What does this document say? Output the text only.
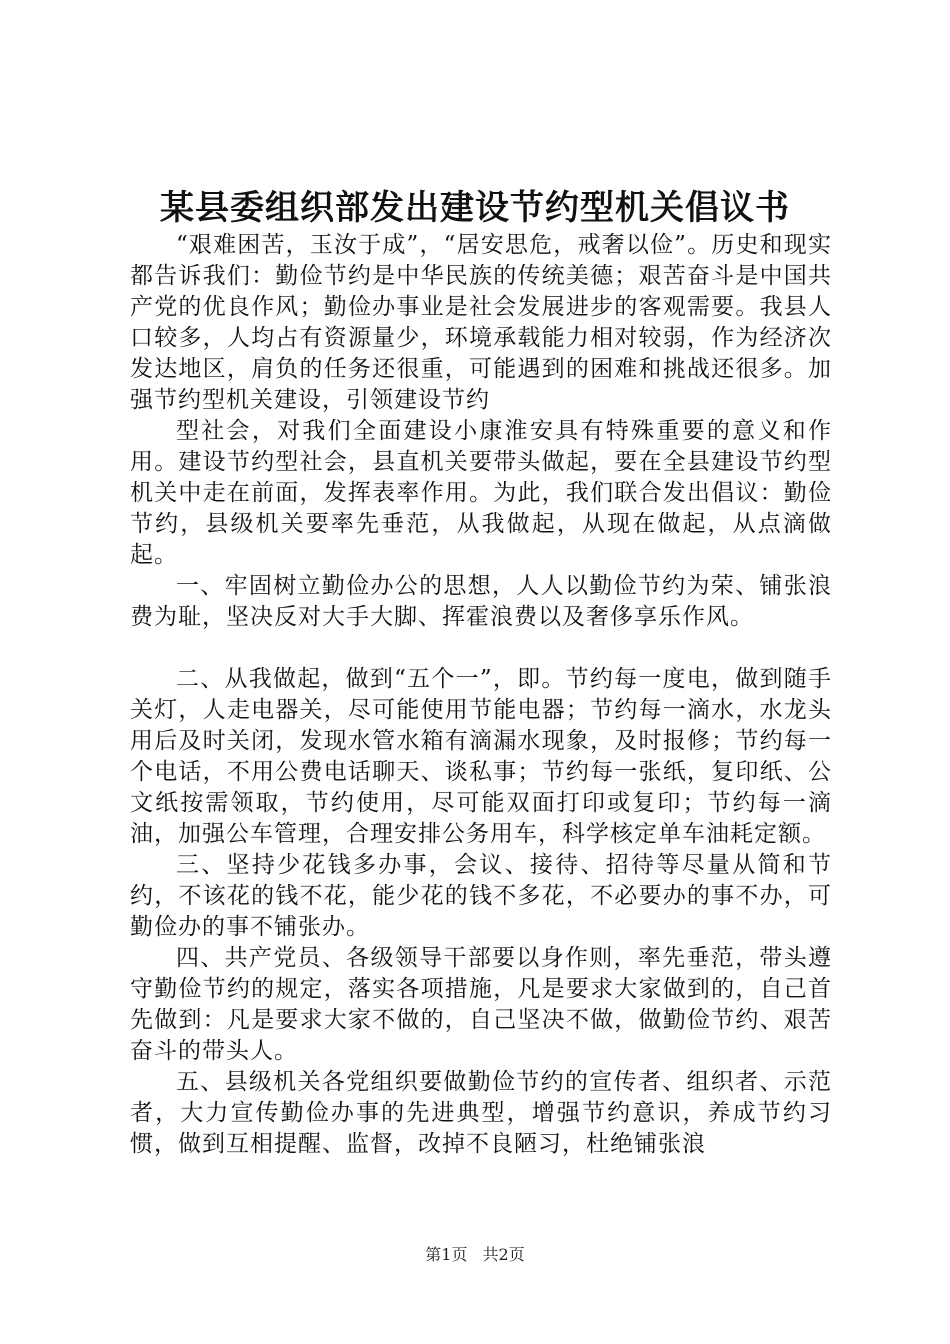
某县委组织部发出建设节约型机关倡议书

“艰难困苦，玉汝于成”，“居安思危，戒奢以俭”。历史和现实都告诉我们：勤俭节约是中华民族的传统美德；艰苦奋斗是中国共产党的优良作风；勤俭办事业是社会发展进步的客观需要。我县人口较多，人均占有资源量少，环境承载能力相对较弱，作为经济次发达地区，肩负的任务还很重，可能遇到的困难和挑战还很多。加强节约型机关建设，引领建设节约

型社会，对我们全面建设小康淮安具有特殊重要的意义和作用。建设节约型社会，县直机关要带头做起，要在全县建设节约型机关中走在前面，发挥表率作用。为此，我们联合发出倡议：勤俭节约，县级机关要率先垂范，从我做起，从现在做起，从点滴做起。

一、牢固树立勤俭办公的思想，人人以勤俭节约为荣、铺张浪费为耻，坚决反对大手大脚、挥霍浪费以及奢侈享乐作风。

二、从我做起，做到“五个一”，即。节约每一度电，做到随手关灯，人走电器关，尽可能使用节能电器；节约每一滴水，水龙头用后及时关闭，发现水管水箱有滴漏水现象，及时报修；节约每一个电话，不用公费电话聊天、谈私事；节约每一张纸，复印纸、公文纸按需领取，节约使用，尽可能双面打印或复印；节约每一滴油，加强公车管理，合理安排公务用车，科学核定单车油耗定额。

三、坚持少花钱多办事，会议、接待、招待等尽量从简和节约，不该花的钱不花，能少花的钱不多花，不必要办的事不办，可勤俭办的事不铺张办。

四、共产党员、各级领导干部要以身作则，率先垂范，带头遵守勤俭节约的规定，落实各项措施，凡是要求大家做到的，自己首先做到：凡是要求大家不做的，自己坚决不做，做勤俭节约、艰苦奋斗的带头人。

五、县级机关各党组织要做勤俭节约的宣传者、组织者、示范者，大力宣传勤俭办事的先进典型，增强节约意识，养成节约习惯，做到互相提醒、监督，改掉不良陋习，杜绝铺张浪

第1页 共2页
